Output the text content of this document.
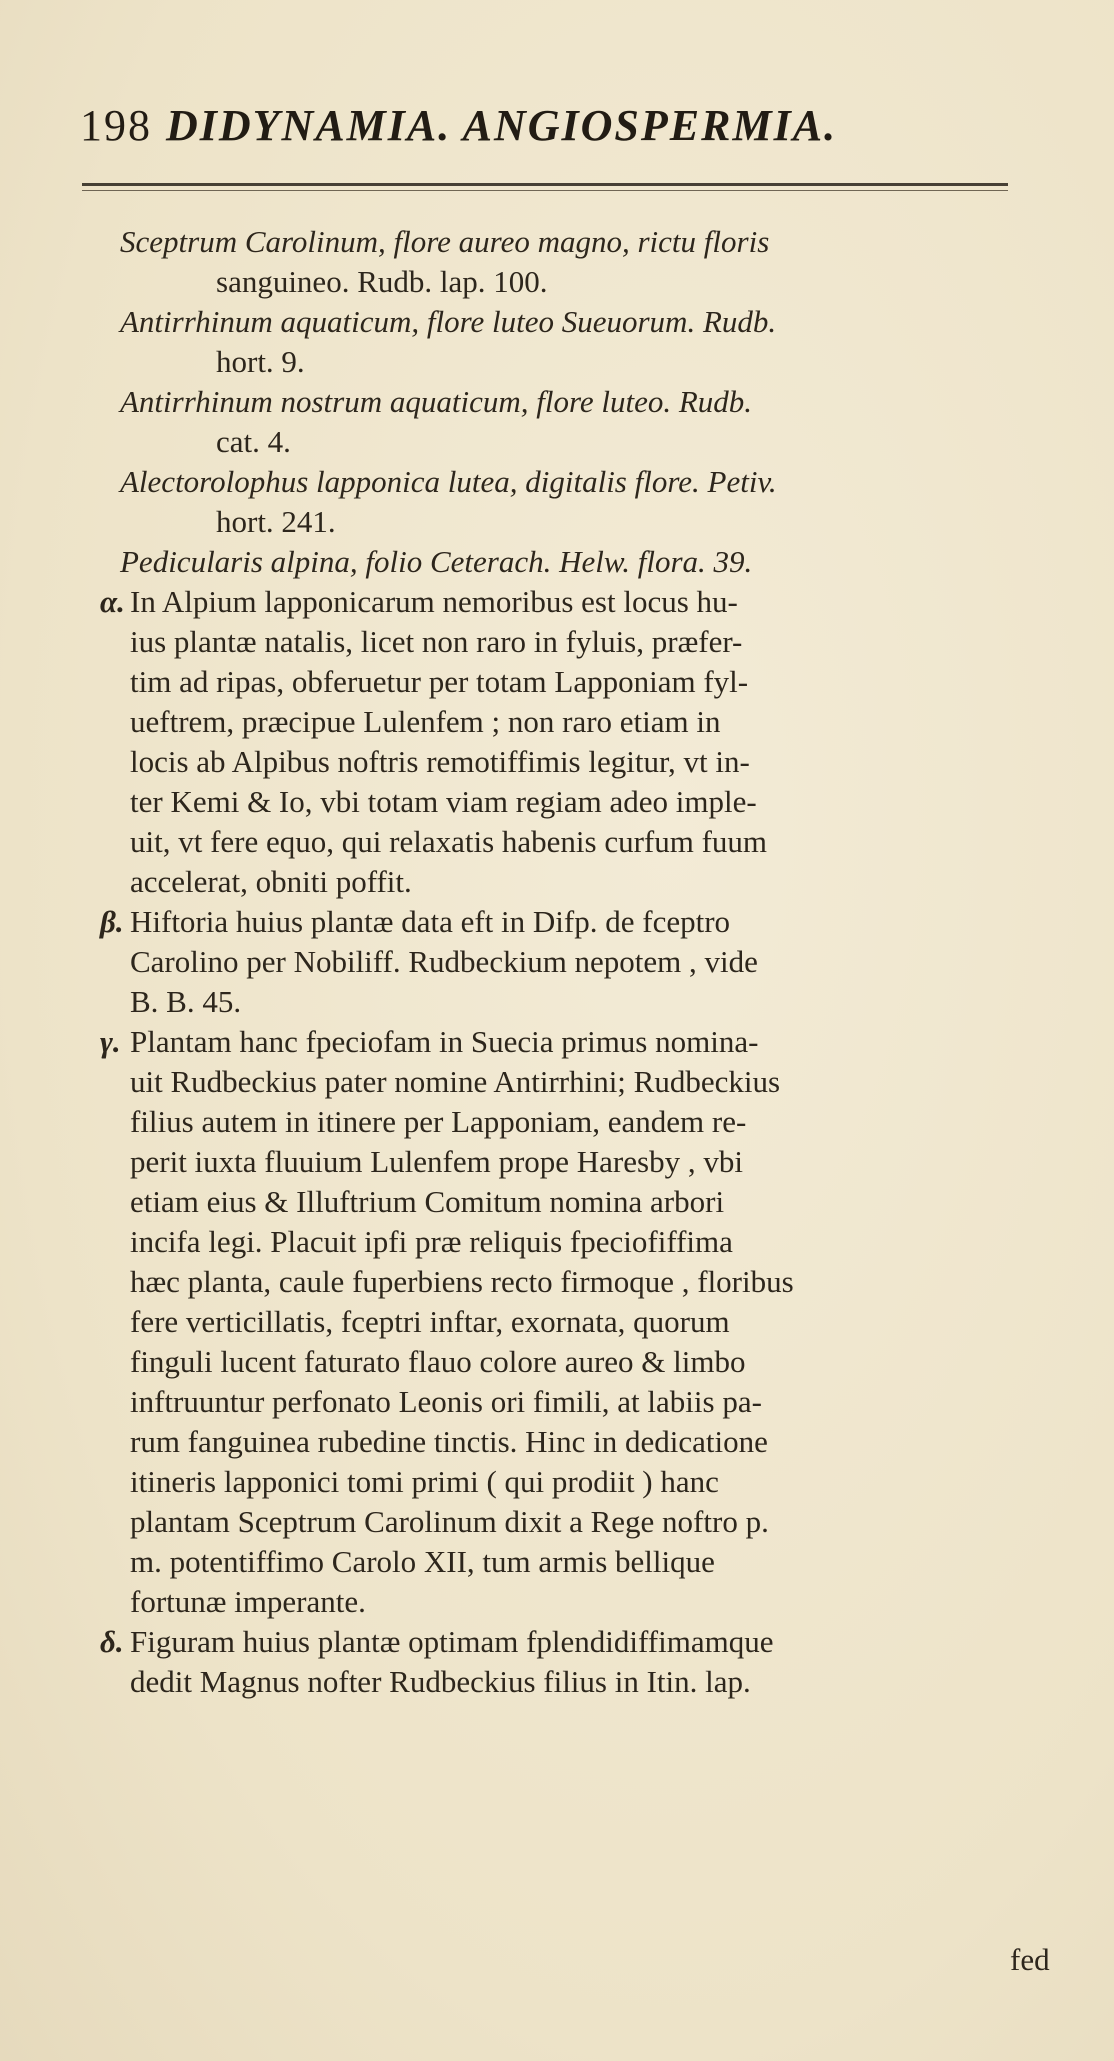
198 DIDYNAMIA. ANGIOSPERMIA.
Sceptrum Carolinum, flore aureo magno, rictu floris
sanguineo. Rudb. lap. 100.
Antirrhinum aquaticum, flore luteo Sueuorum. Rudb.
hort. 9.
Antirrhinum nostrum aquaticum, flore luteo. Rudb.
cat. 4.
Alectorolophus lapponica lutea, digitalis flore. Petiv.
hort. 241.
Pedicularis alpina, folio Ceterach. Helw. flora. 39.
α. In Alpium lapponicarum nemoribus est locus hu-
ius plantæ natalis, licet non raro in fyluis, præfer-
tim ad ripas, obferuetur per totam Lapponiam fyl-
ueftrem, præcipue Lulenfem ; non raro etiam in
locis ab Alpibus noftris remotiffimis legitur, vt in-
ter Kemi & Io, vbi totam viam regiam adeo imple-
uit, vt fere equo, qui relaxatis habenis curfum fuum
accelerat, obniti poffit.
β. Hiftoria huius plantæ data eft in Difp. de fceptro
Carolino per Nobiliff. Rudbeckium nepotem , vide
B. B. 45.
γ. Plantam hanc fpeciofam in Suecia primus nomina-
uit Rudbeckius pater nomine Antirrhini; Rudbeckius
filius autem in itinere per Lapponiam, eandem re-
perit iuxta fluuium Lulenfem prope Haresby , vbi
etiam eius & Illuftrium Comitum nomina arbori
incifa legi. Placuit ipfi præ reliquis fpeciofiffima
hæc planta, caule fuperbiens recto firmoque , floribus
fere verticillatis, fceptri inftar, exornata, quorum
finguli lucent faturato flauo colore aureo & limbo
inftruuntur perfonato Leonis ori fimili, at labiis pa-
rum fanguinea rubedine tinctis. Hinc in dedicatione
itineris lapponici tomi primi ( qui prodiit ) hanc
plantam Sceptrum Carolinum dixit a Rege noftro p.
m. potentiffimo Carolo XII, tum armis bellique
fortunæ imperante.
δ. Figuram huius plantæ optimam fplendidiffimamque
dedit Magnus nofter Rudbeckius filius in Itin. lap.
fed
